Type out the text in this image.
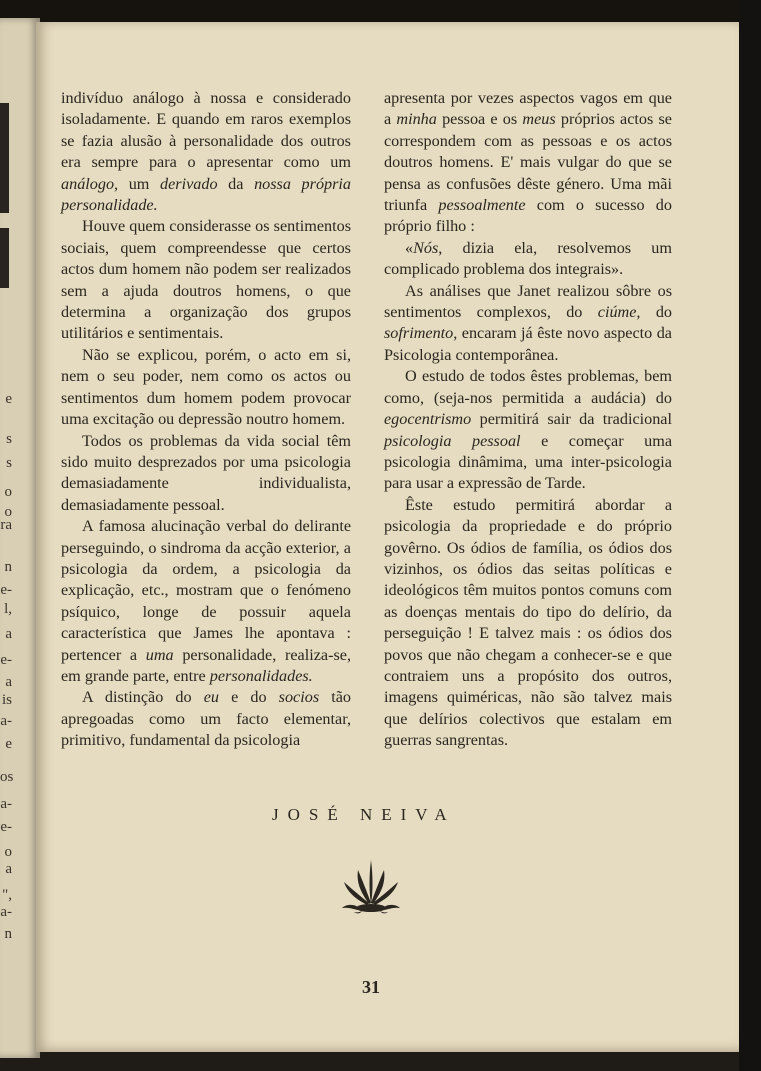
e
s
s
o
o
ra
n
e-
l,
a
e-
a
is
a-
e
os
a-
e-
o
a
",
a-
n

indivíduo análogo à nossa e considerado isoladamente. E quando em raros exemplos se fazia alusão à personalidade dos outros era sempre para o apresentar como um análogo, um derivado da nossa própria personalidade.

Houve quem considerasse os sentimentos sociais, quem compreendesse que certos actos dum homem não podem ser realizados sem a ajuda doutros homens, o que determina a organização dos grupos utilitários e sentimentais.

Não se explicou, porém, o acto em si, nem o seu poder, nem como os actos ou sentimentos dum homem podem provocar uma excitação ou depressão noutro homem.

Todos os problemas da vida social têm sido muito desprezados por uma psicologia demasiadamente individualista, demasiadamente pessoal.

A famosa alucinação verbal do delirante perseguindo, o sindroma da acção exterior, a psicologia da ordem, a psicologia da explicação, etc., mostram que o fenómeno psíquico, longe de possuir aquela característica que James lhe apontava : pertencer a uma personalidade, realiza-se, em grande parte, entre personalidades.

A distinção do eu e do socios tão apregoadas como um facto elementar, primitivo, fundamental da psicologia

apresenta por vezes aspectos vagos em que a minha pessoa e os meus próprios actos se correspondem com as pessoas e os actos doutros homens. E' mais vulgar do que se pensa as confusões dêste género. Uma mãi triunfa pessoalmente com o sucesso do próprio filho :

«Nós, dizia ela, resolvemos um complicado problema dos integrais».

As análises que Janet realizou sôbre os sentimentos complexos, do ciúme, do sofrimento, encaram já êste novo aspecto da Psicologia contemporânea.

O estudo de todos êstes problemas, bem como, (seja-nos permitida a audácia) do egocentrismo permitirá sair da tradicional psicologia pessoal e começar uma psicologia dinâmima, uma inter-psicologia para usar a expressão de Tarde.

Êste estudo permitirá abordar a psicologia da propriedade e do próprio govêrno. Os ódios de família, os ódios dos vizinhos, os ódios das seitas políticas e ideológicos têm muitos pontos comuns com as doenças mentais do tipo do delírio, da perseguição ! E talvez mais : os ódios dos povos que não chegam a conhecer-se e que contraiem uns a propósito dos outros, imagens quiméricas, não são talvez mais que delírios colectivos que estalam em guerras sangrentas.

JOSÉ NEIVA
31
